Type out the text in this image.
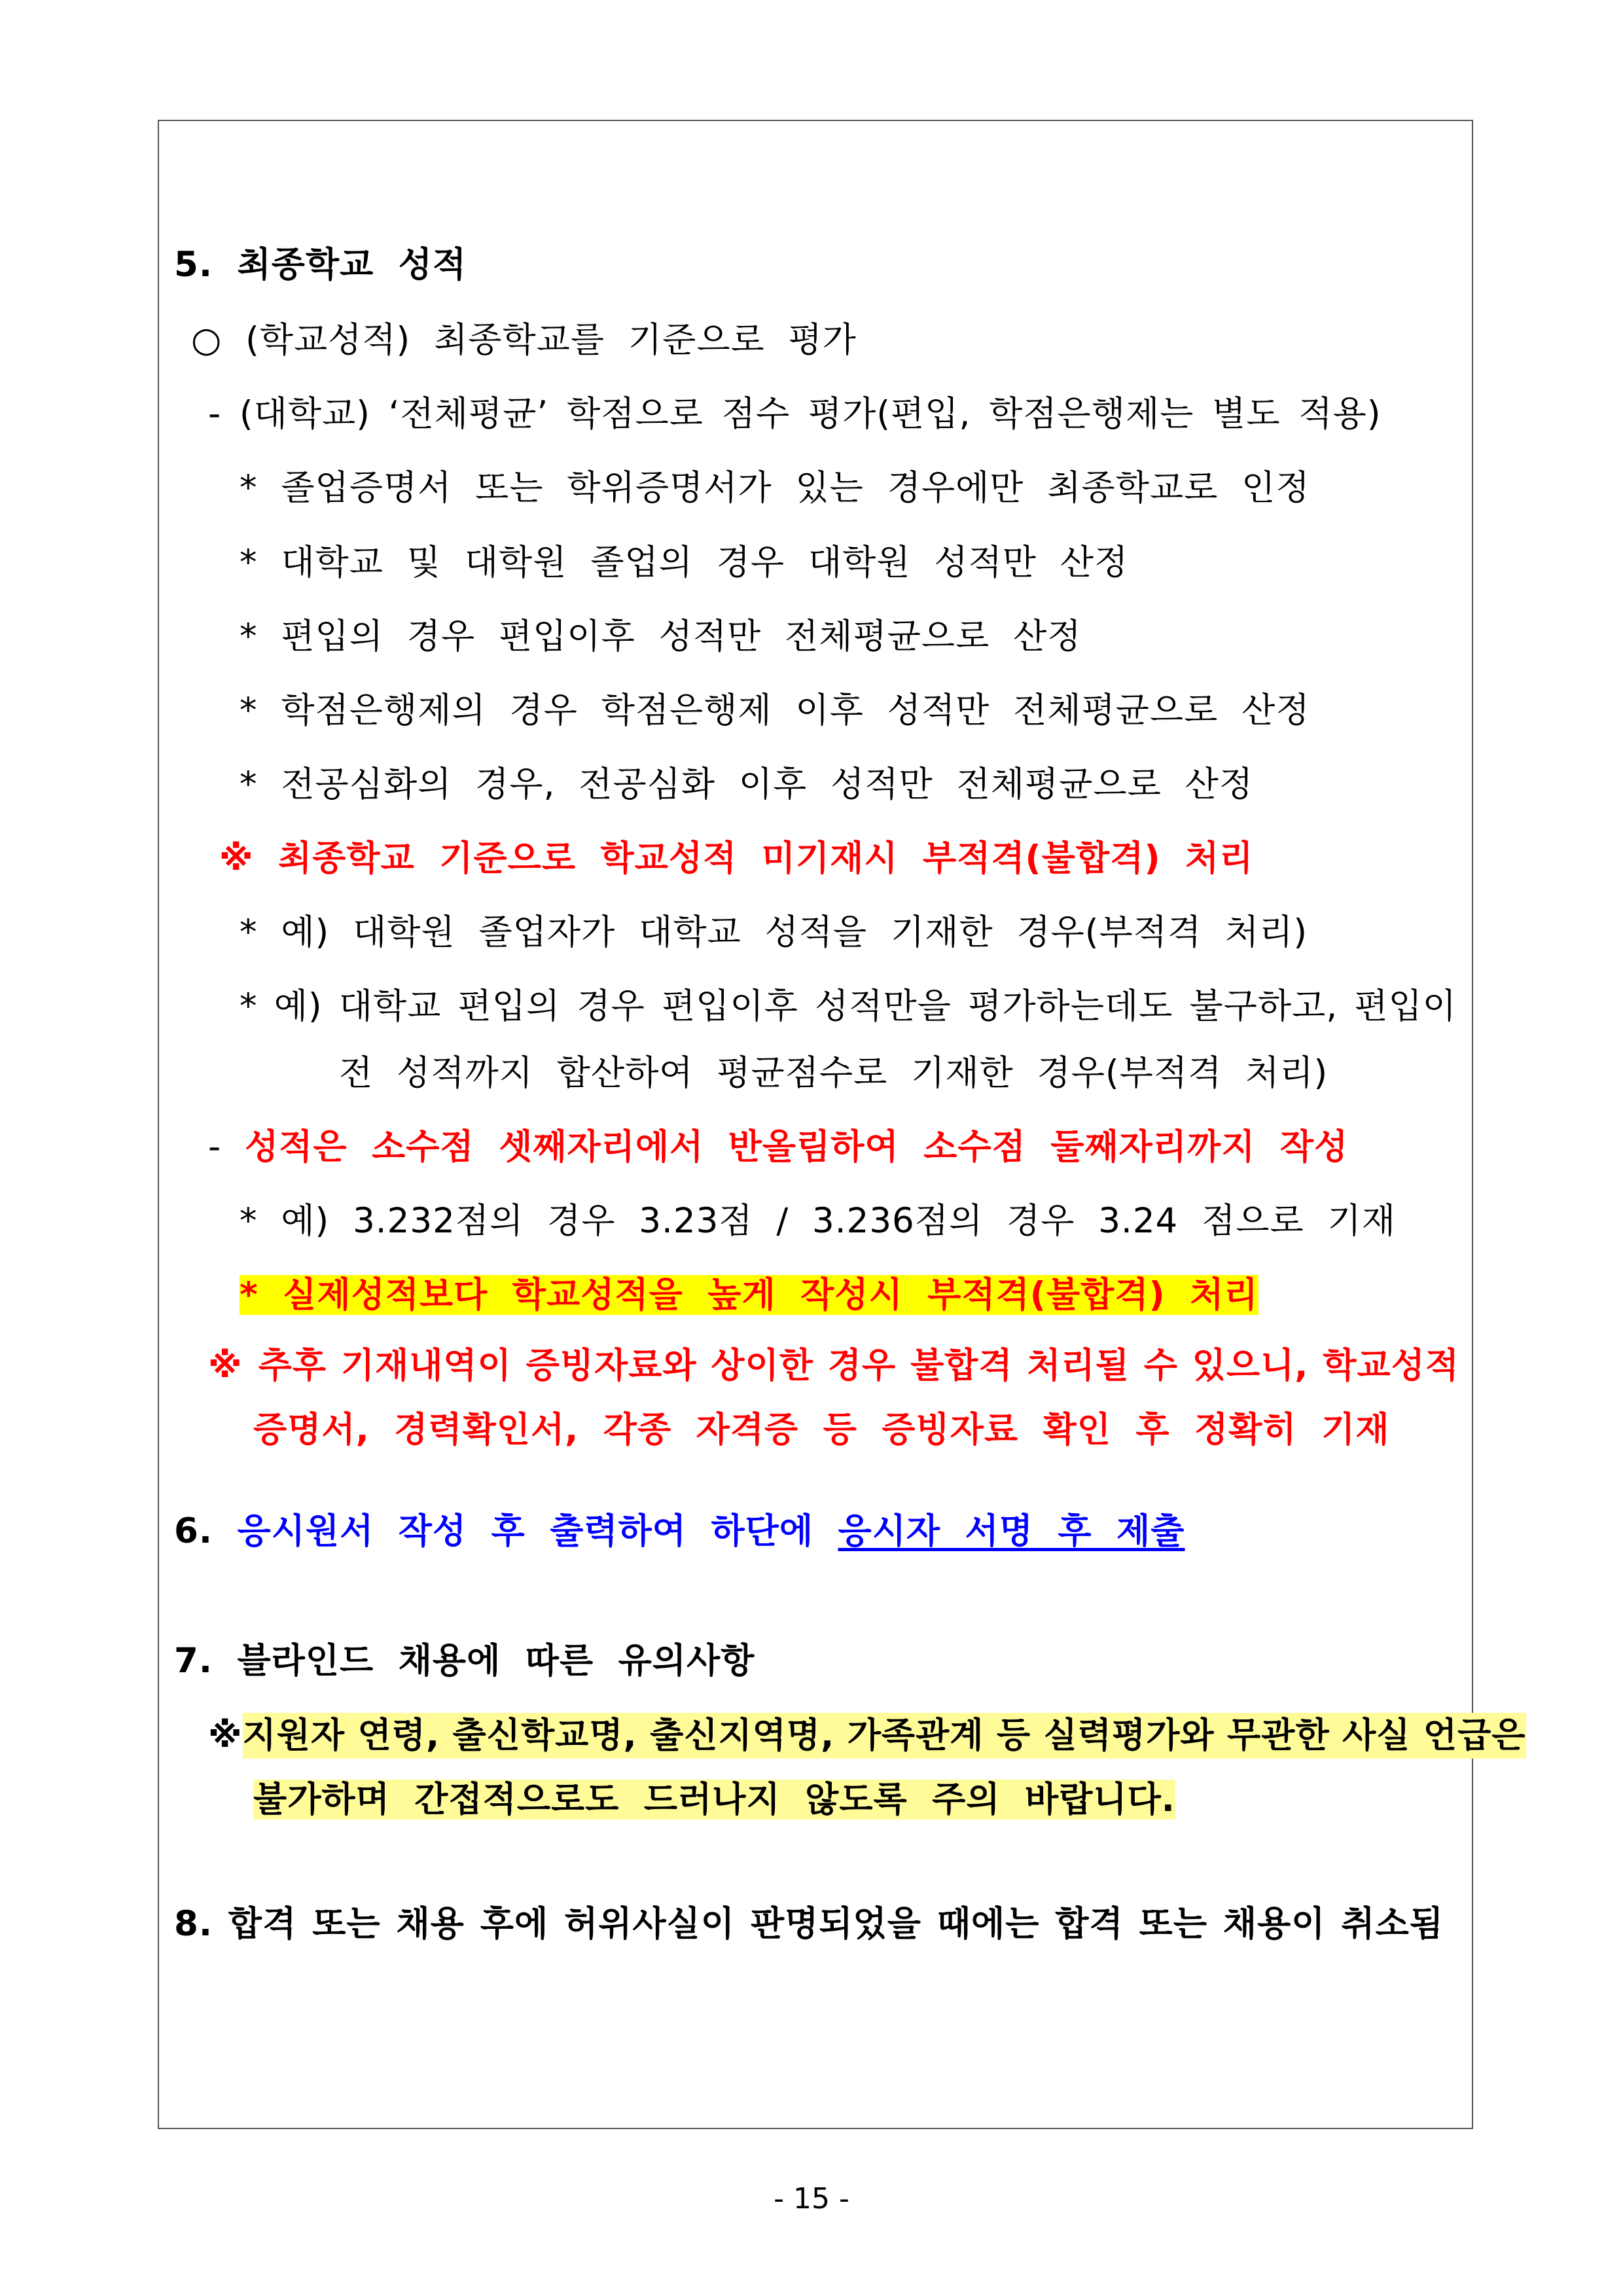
5. 최종학교 성적
○ (학교성적) 최종학교를 기준으로 평가
- (대학교) ‘전체평균’ 학점으로 점수 평가(편입, 학점은행제는 별도 적용)
* 졸업증명서 또는 학위증명서가 있는 경우에만 최종학교로 인정
* 대학교 및 대학원 졸업의 경우 대학원 성적만 산정
* 편입의 경우 편입이후 성적만 전체평균으로 산정
* 학점은행제의 경우 학점은행제 이후 성적만 전체평균으로 산정
* 전공심화의 경우, 전공심화 이후 성적만 전체평균으로 산정
※ 최종학교 기준으로 학교성적 미기재시 부적격(불합격) 처리
* 예) 대학원 졸업자가 대학교 성적을 기재한 경우(부적격 처리)
* 예) 대학교 편입의 경우 편입이후 성적만을 평가하는데도 불구하고, 편입이
전 성적까지 합산하여 평균점수로 기재한 경우(부적격 처리)
- 성적은 소수점 셋째자리에서 반올림하여 소수점 둘째자리까지 작성
* 예) 3.232점의 경우 3.23점 / 3.236점의 경우 3.24 점으로 기재
* 실제성적보다 학교성적을 높게 작성시 부적격(불합격) 처리
※ 추후 기재내역이 증빙자료와 상이한 경우 불합격 처리될 수 있으니, 학교성적
증명서, 경력확인서, 각종 자격증 등 증빙자료 확인 후 정확히 기재
6. 응시원서 작성 후 출력하여 하단에 응시자 서명 후 제출
7. 블라인드 채용에 따른 유의사항
※ 지원자 연령, 출신학교명, 출신지역명, 가족관계 등 실력평가와 무관한 사실 언급은
불가하며 간접적으로도 드러나지 않도록 주의 바랍니다.
8. 합격 또는 채용 후에 허위사실이 판명되었을 때에는 합격 또는 채용이 취소됨
- 15 -
